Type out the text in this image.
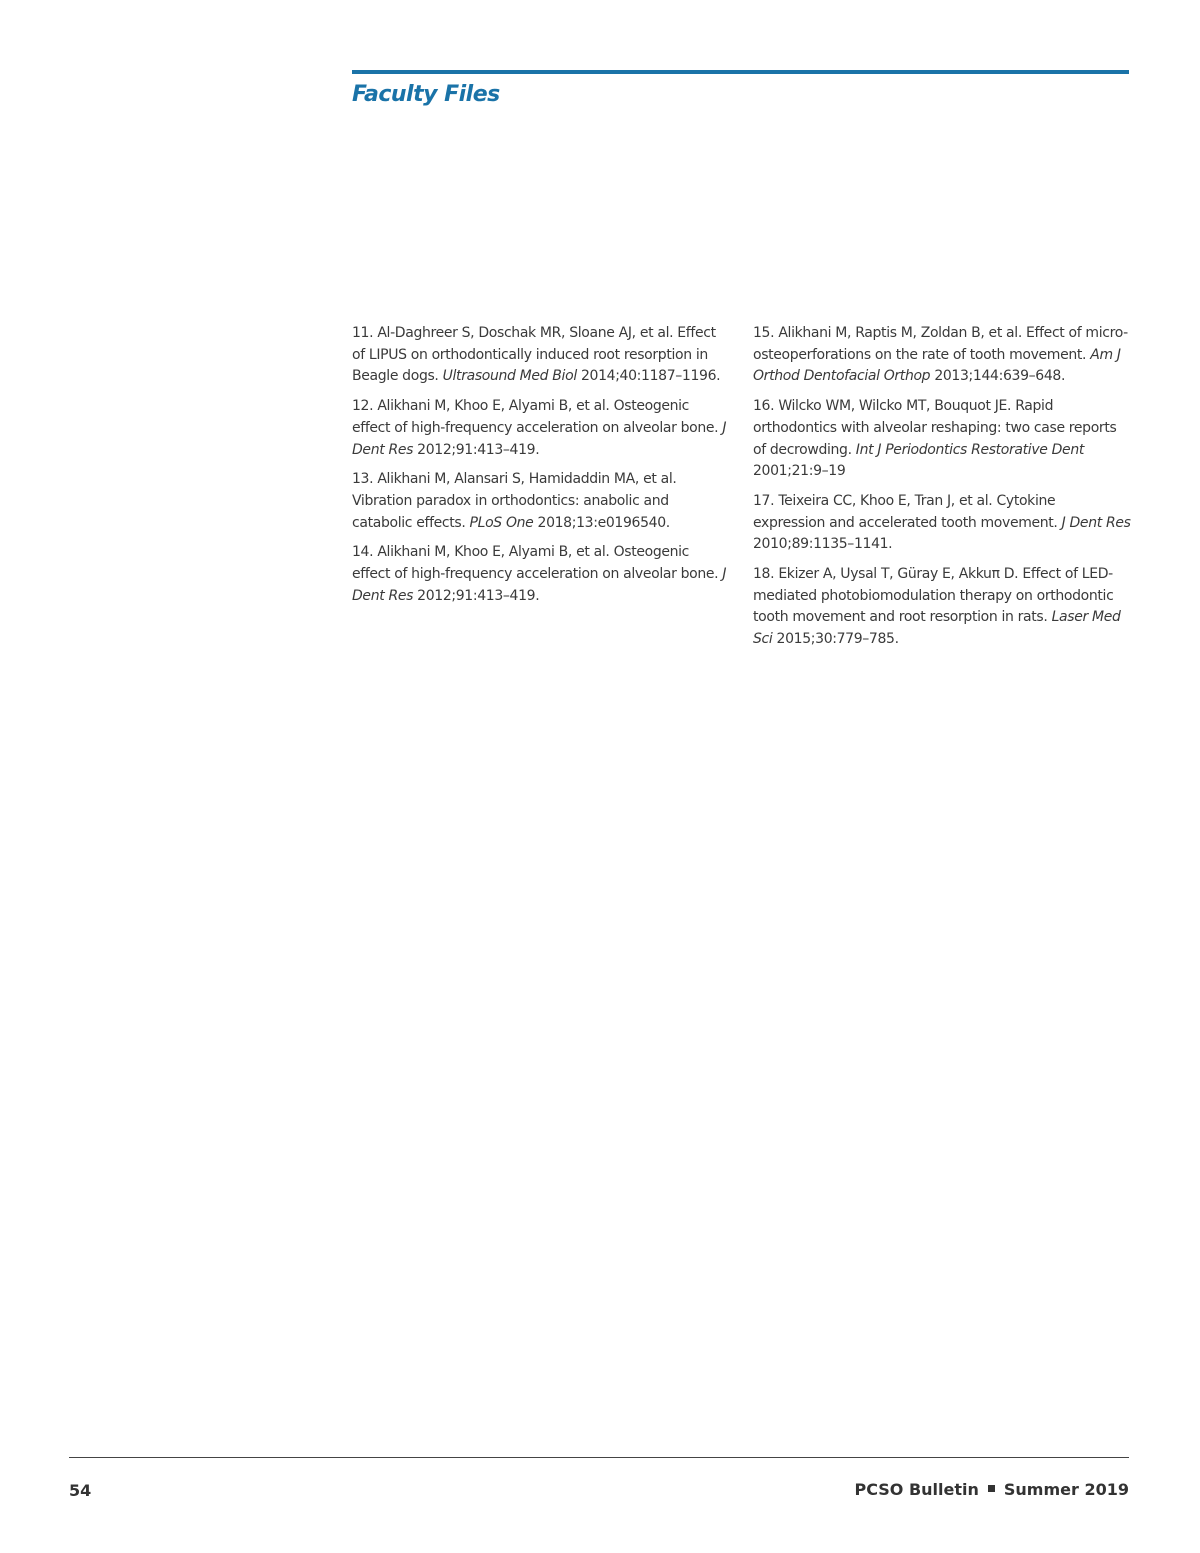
Faculty Files

11. Al-Daghreer S, Doschak MR, Sloane AJ, et al. Effect of LIPUS on orthodontically induced root resorption in Beagle dogs. Ultrasound Med Biol 2014;40:1187–1196.

12. Alikhani M, Khoo E, Alyami B, et al. Osteogenic effect of high-frequency acceleration on alveolar bone. J Dent Res 2012;91:413–419.

13. Alikhani M, Alansari S, Hamidaddin MA, et al. Vibration paradox in orthodontics: anabolic and catabolic effects. PLoS One 2018;13:e0196540.

14. Alikhani M, Khoo E, Alyami B, et al. Osteogenic effect of high-frequency acceleration on alveolar bone. J Dent Res 2012;91:413–419.

15. Alikhani M, Raptis M, Zoldan B, et al. Effect of micro-osteoperforations on the rate of tooth movement. Am J Orthod Dentofacial Orthop 2013;144:639–648.

16. Wilcko WM, Wilcko MT, Bouquot JE. Rapid orthodontics with alveolar reshaping: two case reports of decrowding. Int J Periodontics Restorative Dent 2001;21:9–19

17. Teixeira CC, Khoo E, Tran J, et al. Cytokine expression and accelerated tooth movement. J Dent Res 2010;89:1135–1141.

18. Ekizer A, Uysal T, Güray E, Akkuπ D. Effect of LED-mediated photobiomodulation therapy on orthodontic tooth movement and root resorption in rats. Laser Med Sci 2015;30:779–785.

54	PCSO Bulletin Summer 2019
